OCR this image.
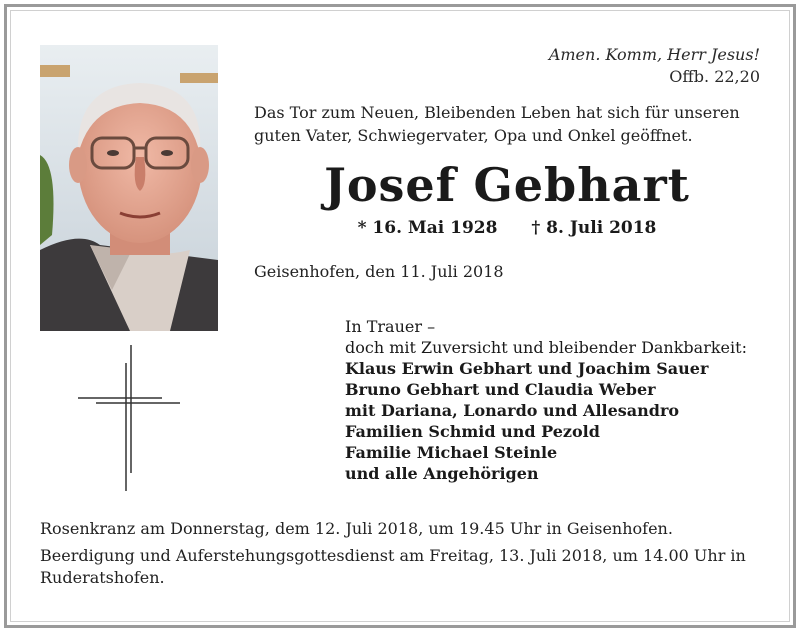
Amen. Komm, Herr Jesus!
Offb. 22,20
Das Tor zum Neuen, Bleibenden Leben hat sich für unseren guten Vater, Schwiegervater, Opa und Onkel geöffnet.
Josef Gebhart
* 16. Mai 1928 † 8. Juli 2018
Geisenhofen, den 11. Juli 2018
In Trauer –
doch mit Zuversicht und bleibender Dankbarkeit:
Klaus Erwin Gebhart und Joachim Sauer
Bruno Gebhart und Claudia Weber
mit Dariana, Lonardo und Allesandro
Familien Schmid und Pezold
Familie Michael Steinle
und alle Angehörigen
Rosenkranz am Donnerstag, dem 12. Juli 2018, um 19.45 Uhr in Geisenhofen.
Beerdigung und Auferstehungsgottesdienst am Freitag, 13. Juli 2018, um 14.00 Uhr in Ruderatshofen.
